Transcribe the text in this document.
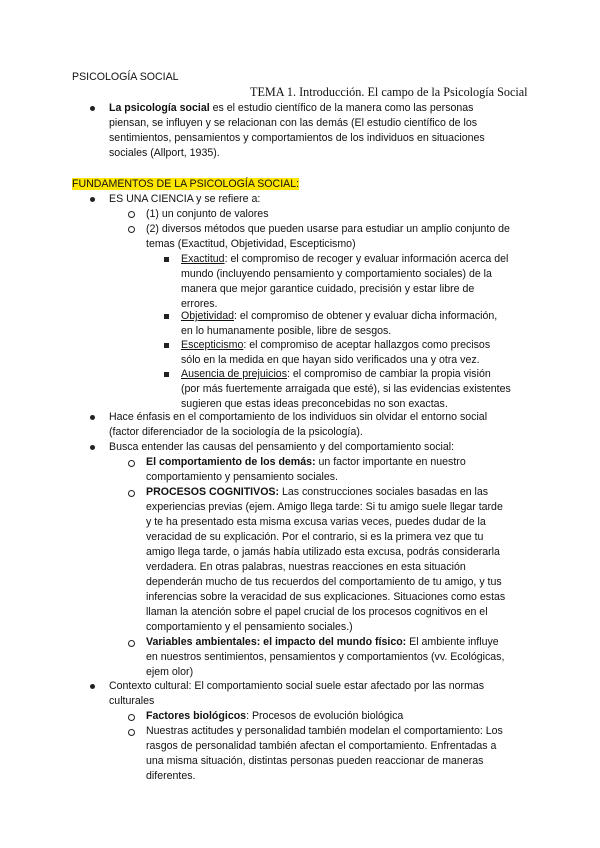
PSICOLOGÍA SOCIAL
TEMA 1. Introducción. El campo de la Psicología Social
La psicología social es el estudio científico de la manera como las personas
piensan, se influyen y se relacionan con las demás (El estudio científico de los
sentimientos, pensamientos y comportamientos de los individuos en situaciones
sociales (Allport, 1935).
FUNDAMENTOS DE LA PSICOLOGÍA SOCIAL:
ES UNA CIENCIA y se refiere a:
(1) un conjunto de valores
(2) diversos métodos que pueden usarse para estudiar un amplio conjunto de
temas (Exactitud, Objetividad, Escepticismo)
Exactitud: el compromiso de recoger y evaluar información acerca del
mundo (incluyendo pensamiento y comportamiento sociales) de la
manera que mejor garantice cuidado, precisión y estar libre de
errores.
Objetividad: el compromiso de obtener y evaluar dicha información,
en lo humanamente posible, libre de sesgos.
Escepticismo: el compromiso de aceptar hallazgos como precisos
sólo en la medida en que hayan sido verificados una y otra vez.
Ausencia de prejuicios: el compromiso de cambiar la propia visión
(por más fuertemente arraigada que esté), si las evidencias existentes
sugieren que estas ideas preconcebidas no son exactas.
Hace énfasis en el comportamiento de los individuos sin olvidar el entorno social
(factor diferenciador de la sociología de la psicología).
Busca entender las causas del pensamiento y del comportamiento social:
El comportamiento de los demás: un factor importante en nuestro
comportamiento y pensamiento sociales.
PROCESOS COGNITIVOS: Las construcciones sociales basadas en las
experiencias previas (ejem. Amigo llega tarde: Si tu amigo suele llegar tarde
y te ha presentado esta misma excusa varias veces, puedes dudar de la
veracidad de su explicación. Por el contrario, si es la primera vez que tu
amigo llega tarde, o jamás había utilizado esta excusa, podrás considerarla
verdadera. En otras palabras, nuestras reacciones en esta situación
dependerán mucho de tus recuerdos del comportamiento de tu amigo, y tus
inferencias sobre la veracidad de sus explicaciones. Situaciones como estas
llaman la atención sobre el papel crucial de los procesos cognitivos en el
comportamiento y el pensamiento sociales.)
Variables ambientales: el impacto del mundo físico: El ambiente influye
en nuestros sentimientos, pensamientos y comportamientos (vv. Ecológicas,
ejem olor)
Contexto cultural: El comportamiento social suele estar afectado por las normas
culturales
Factores biológicos: Procesos de evolución biológica
Nuestras actitudes y personalidad también modelan el comportamiento: Los
rasgos de personalidad también afectan el comportamiento. Enfrentadas a
una misma situación, distintas personas pueden reaccionar de maneras
diferentes.
